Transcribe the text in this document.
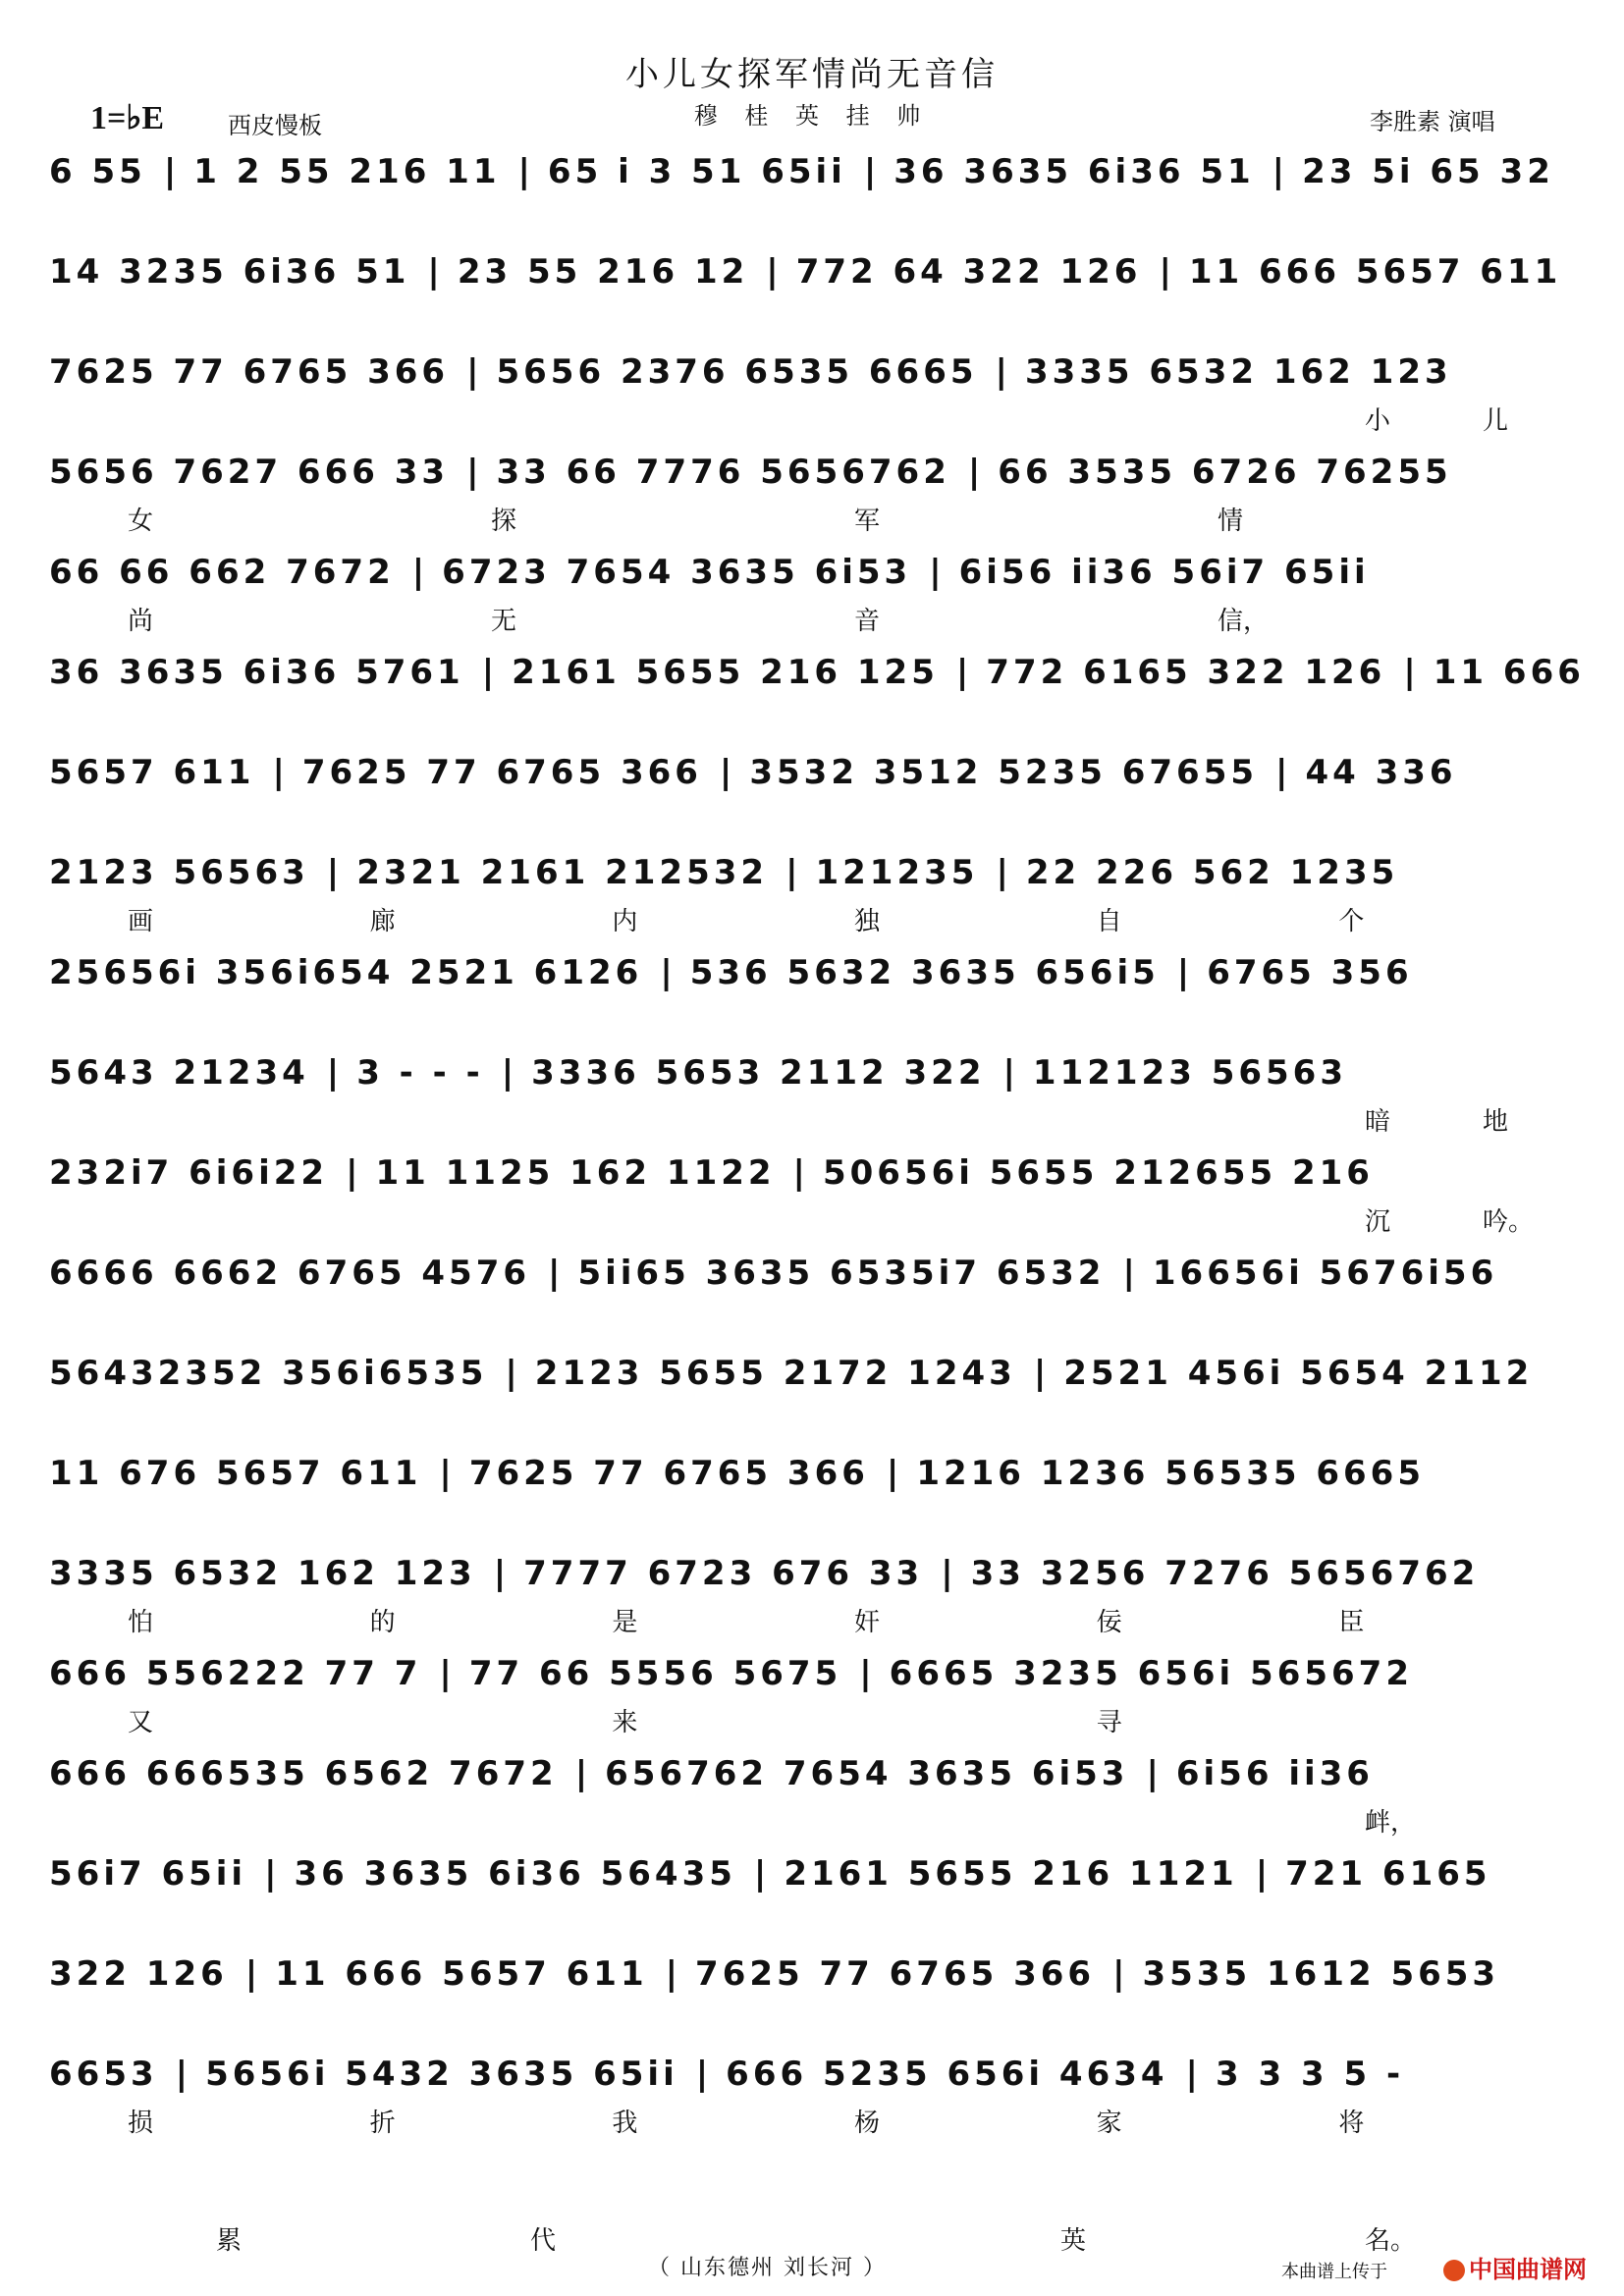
小儿女探军情尚无音信
穆 桂 英 挂 帅
1=♭E	西皮慢板	李胜素 演唱
6 55 | 1 2 55 216 11 | 65 i 3 51 65ii | 36 3635 6i36 51 | 23 5i 65 32
14 3235 6i36 51 | 23 55 216 12 | 772 64 322 126 | 11 666 5657 611
7625 77 6765 366 | 5656 2376 6535 6665 | 3335 6532 162 123
小	儿
5656 7627 666 33 | 33 66 7776 5656762 | 66 3535 6726 76255
女	探	军	情
66 66 662 7672 | 6723 7654 3635 6i53 | 6i56 ii36 56i7 65ii
尚	无	音	信，
36 3635 6i36 5761 | 2161 5655 216 125 | 772 6165 322 126 | 11 666
5657 611 | 7625 77 6765 366 | 3532 3512 5235 67655 | 44 336
2123 56563 | 2321 2161 212532 | 121235 | 22 226 562 1235
画	廊	内	独	自	个
25656i 356i654 2521 6126 | 536 5632 3635 656i5 | 6765 356
5643 21234 | 3 - - - | 3336 5653 2112 322 | 112123 56563
暗	地
232i7 6i6i22 | 11 1125 162 1122 | 50656i 5655 212655 216
沉	吟。
6666 6662 6765 4576 | 5ii65 3635 6535i7 6532 | 16656i 5676i56
56432352 356i6535 | 2123 5655 2172 1243 | 2521 456i 5654 2112
11 676 5657 611 | 7625 77 6765 366 | 1216 1236 56535 6665
3335 6532 162 123 | 7777 6723 676 33 | 33 3256 7276 5656762
怕	的	是	奸	佞	臣
666 556222 77 7 | 77 66 5556 5675 | 6665 3235 656i 565672
又	来	寻
666 666535 6562 7672 | 656762 7654 3635 6i53 | 6i56 ii36
衅，
56i7 65ii | 36 3635 6i36 56435 | 2161 5655 216 1121 | 721 6165
322 126 | 11 666 5657 611 | 7625 77 6765 366 | 3535 1612 5653
6653 | 5656i 5432 3635 65ii | 666 5235 656i 4634 | 3 3 3 5 -
损	折	我	杨	家	将
累	代	英	名。
（ 山东德州 刘长河 ）	本曲谱上传于	中国曲谱网
